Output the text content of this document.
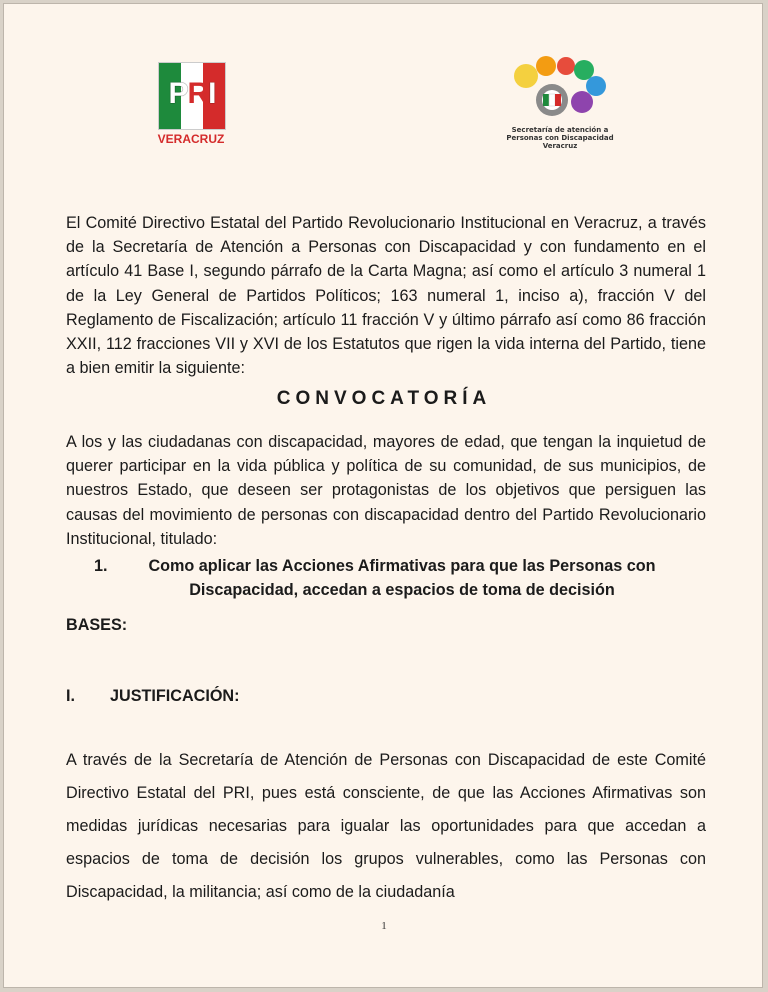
PRI
VERACRUZ
Secretaría de atención a
Personas con Discapacidad
Veracruz
El Comité Directivo Estatal del Partido Revolucionario Institucional en Veracruz, a través de la Secretaría de Atención a Personas con Discapacidad y con fundamento en el artículo 41 Base I, segundo párrafo de la Carta Magna; así como el artículo 3 numeral 1 de la Ley General de Partidos Políticos; 163 numeral 1, inciso a), fracción V del Reglamento de Fiscalización; artículo 11 fracción V y último párrafo así como 86 fracción XXII, 112 fracciones VII y XVI de los Estatutos que rigen la vida interna del Partido, tiene a bien emitir la siguiente:
CONVOCATORÍA
A los y las ciudadanas con discapacidad, mayores de edad, que tengan la inquietud de querer participar en la vida pública y política de su comunidad, de sus municipios, de nuestros Estado, que deseen ser protagonistas de los objetivos que persiguen las causas del movimiento de personas con discapacidad dentro del Partido Revolucionario Institucional, titulado:
1.	Como aplicar las Acciones Afirmativas para que las Personas con Discapacidad, accedan a espacios de toma de decisión
BASES:
I. JUSTIFICACIÓN:
A través de la Secretaría de Atención de Personas con Discapacidad de este Comité Directivo Estatal del PRI, pues está consciente, de que las Acciones Afirmativas son medidas jurídicas necesarias para igualar las oportunidades para que accedan a espacios de toma de decisión los grupos vulnerables, como las Personas con Discapacidad, la militancia; así como de la ciudadanía
1
